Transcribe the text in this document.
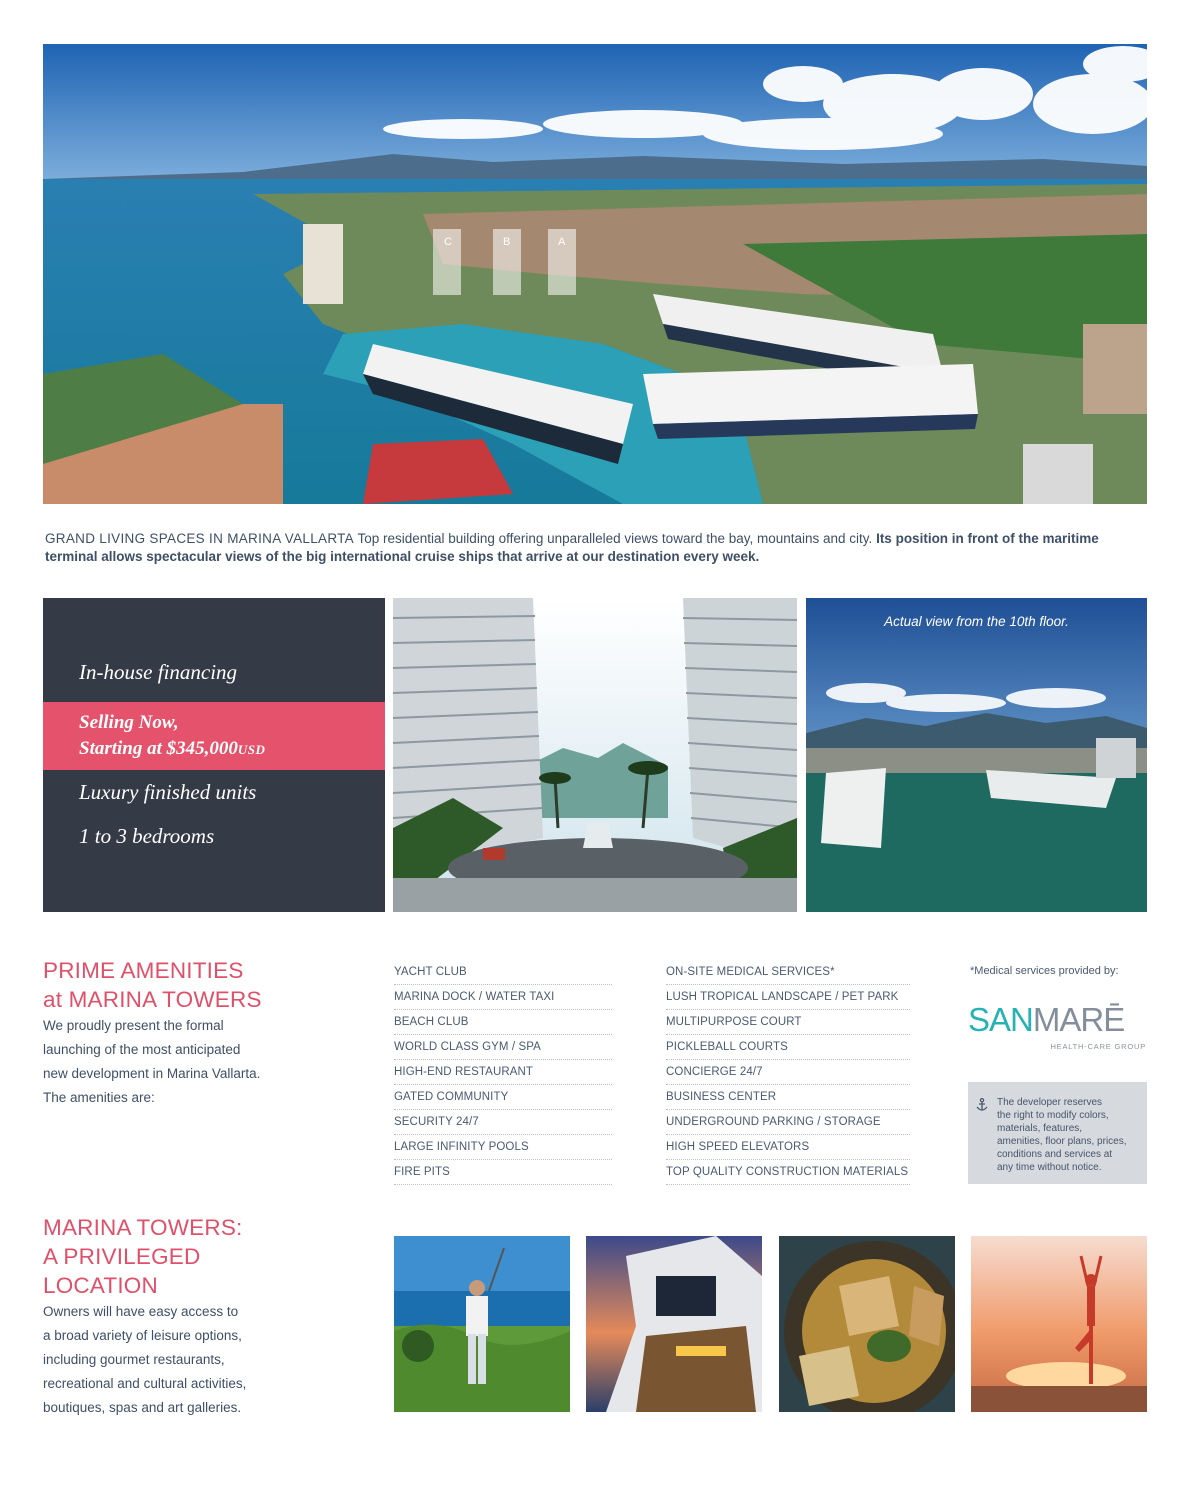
C	B	A
GRAND LIVING SPACES IN MARINA VALLARTA Top residential building offering unparalleled views toward the bay, mountains and city. Its position in front of the maritime terminal allows spectacular views of the big international cruise ships that arrive at our destination every week.
In-house financing
Selling Now,
Starting at $345,000USD
Luxury finished units
1 to 3 bedrooms
Actual view from the 10th floor.
PRIME AMENITIES
at MARINA TOWERS
We proudly present the formal
launching of the most anticipated
new development in Marina Vallarta.
The amenities are:
YACHT CLUB
MARINA DOCK / WATER TAXI
BEACH CLUB
WORLD CLASS GYM / SPA
HIGH-END RESTAURANT
GATED COMMUNITY
SECURITY 24/7
LARGE INFINITY POOLS
FIRE PITS
ON-SITE MEDICAL SERVICES*
LUSH TROPICAL LANDSCAPE / PET PARK
MULTIPURPOSE COURT
PICKLEBALL COURTS
CONCIERGE 24/7
BUSINESS CENTER
UNDERGROUND PARKING / STORAGE
HIGH SPEED ELEVATORS
TOP QUALITY CONSTRUCTION MATERIALS
*Medical services provided by:
SANMARĒ
HEALTH-CARE GROUP
The developer reserves
the right to modify colors,
materials, features,
amenities, floor plans, prices,
conditions and services at
any time without notice.
MARINA TOWERS:
A PRIVILEGED
LOCATION
Owners will have easy access to
a broad variety of leisure options,
including gourmet restaurants,
recreational and cultural activities,
boutiques, spas and art galleries.
